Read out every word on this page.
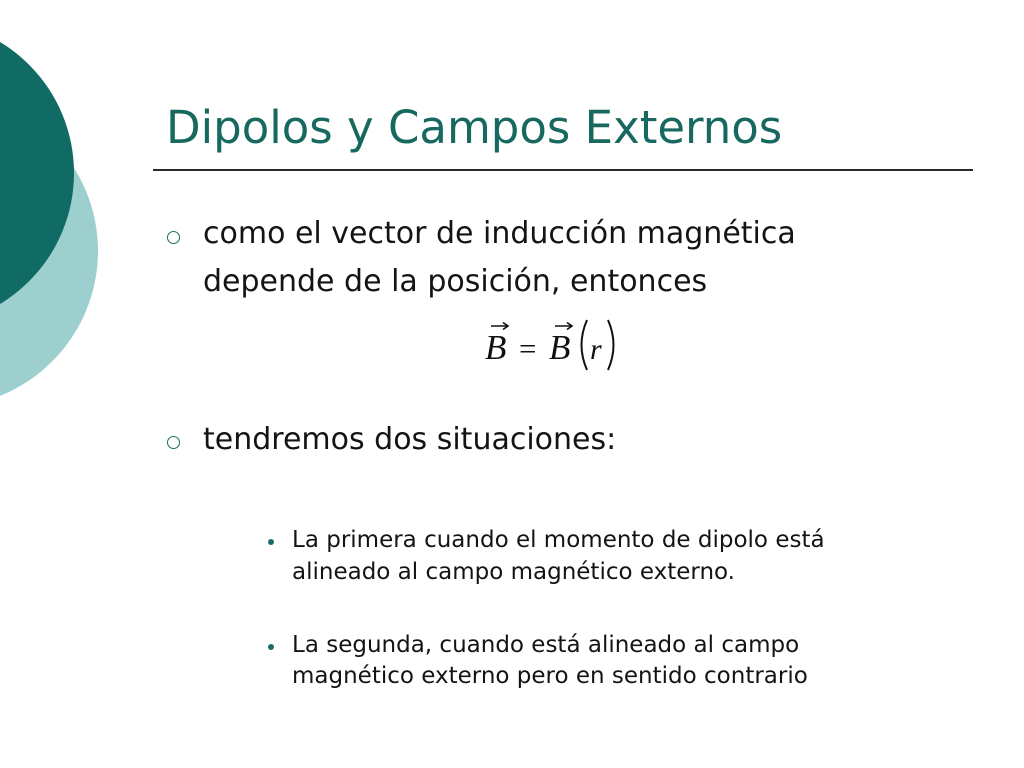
Dipolos y Campos Externos
como el vector de inducción magnética
depende de la posición, entonces
B = B r
tendremos dos situaciones:
La primera cuando el momento de dipolo está
alineado al campo magnético externo.
La segunda, cuando está alineado al campo
magnético externo pero en sentido contrario
